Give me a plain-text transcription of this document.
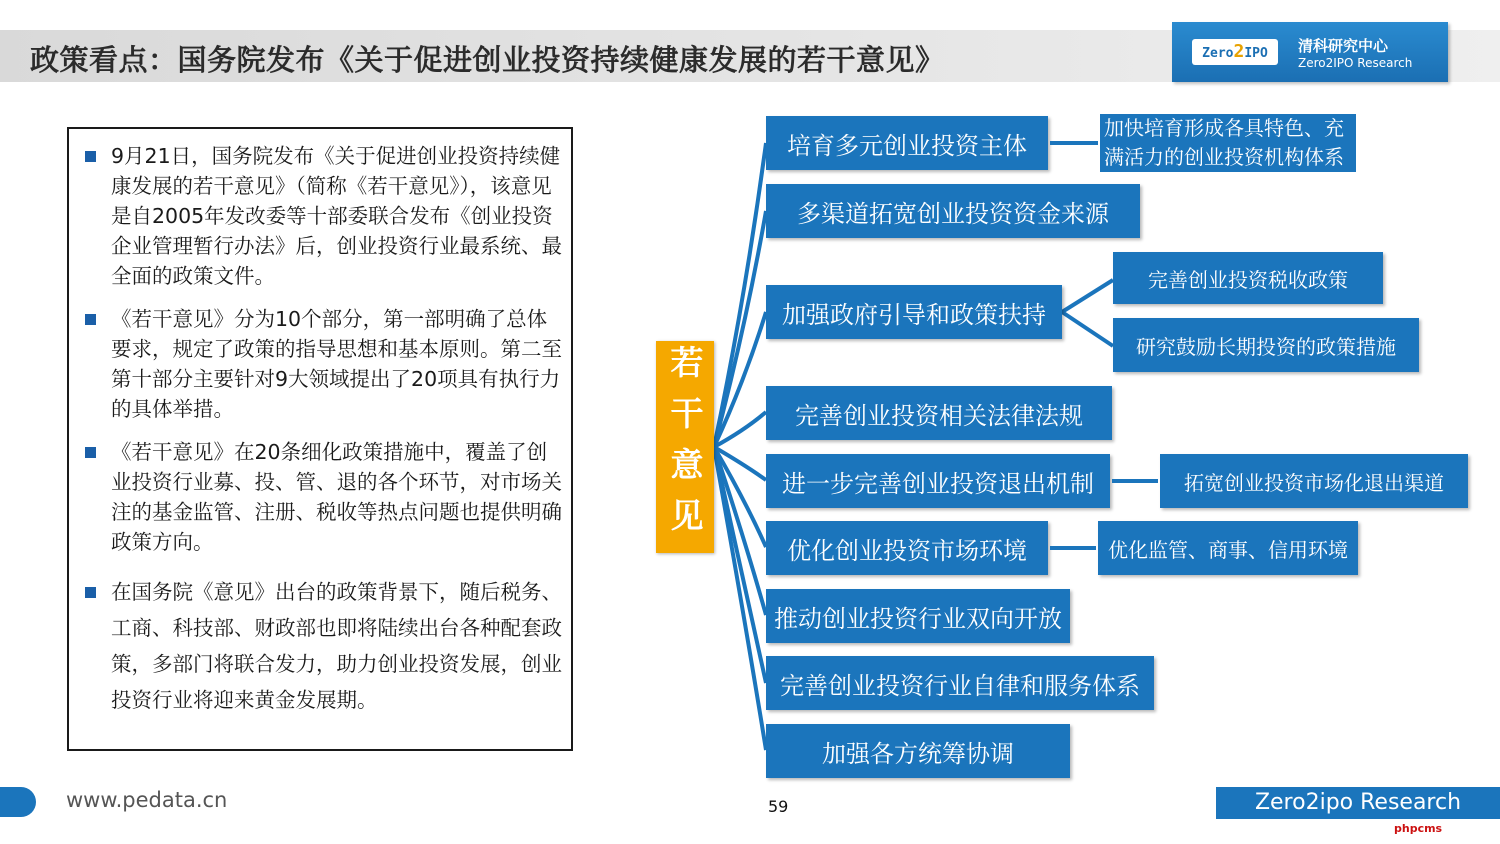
政策看点：国务院发布《关于促进创业投资持续健康发展的若干意见》	Zero2IPO	清科研究中心
Zero2IPO Research
9月21日，国务院发布《关于促进创业投资持续健康发展的若干意见》（简称《若干意见》），该意见是自2005年发改委等十部委联合发布《创业投资企业管理暂行办法》后，创业投资行业最系统、最全面的政策文件。
《若干意见》分为10个部分，第一部明确了总体要求，规定了政策的指导思想和基本原则。第二至第十部分主要针对9大领域提出了20项具有执行力的具体举措。
《若干意见》在20条细化政策措施中，覆盖了创业投资行业募、投、管、退的各个环节，对市场关注的基金监管、注册、税收等热点问题也提供明确政策方向。
在国务院《意见》出台的政策背景下，随后税务、工商、科技部、财政部也即将陆续出台各种配套政策，多部门将联合发力，助力创业投资发展，创业投资行业将迎来黄金发展期。
若干意见
培育多元创业投资主体
多渠道拓宽创业投资资金来源
加强政府引导和政策扶持
完善创业投资相关法律法规
进一步完善创业投资退出机制
优化创业投资市场环境
推动创业投资行业双向开放
完善创业投资行业自律和服务体系
加强各方统筹协调
加快培育形成各具特色、充满活力的创业投资机构体系
完善创业投资税收政策
研究鼓励长期投资的政策措施
拓宽创业投资市场化退出渠道
优化监管、商事、信用环境
www.pedata.cn	59	Zero2ipo Research
phpcms
